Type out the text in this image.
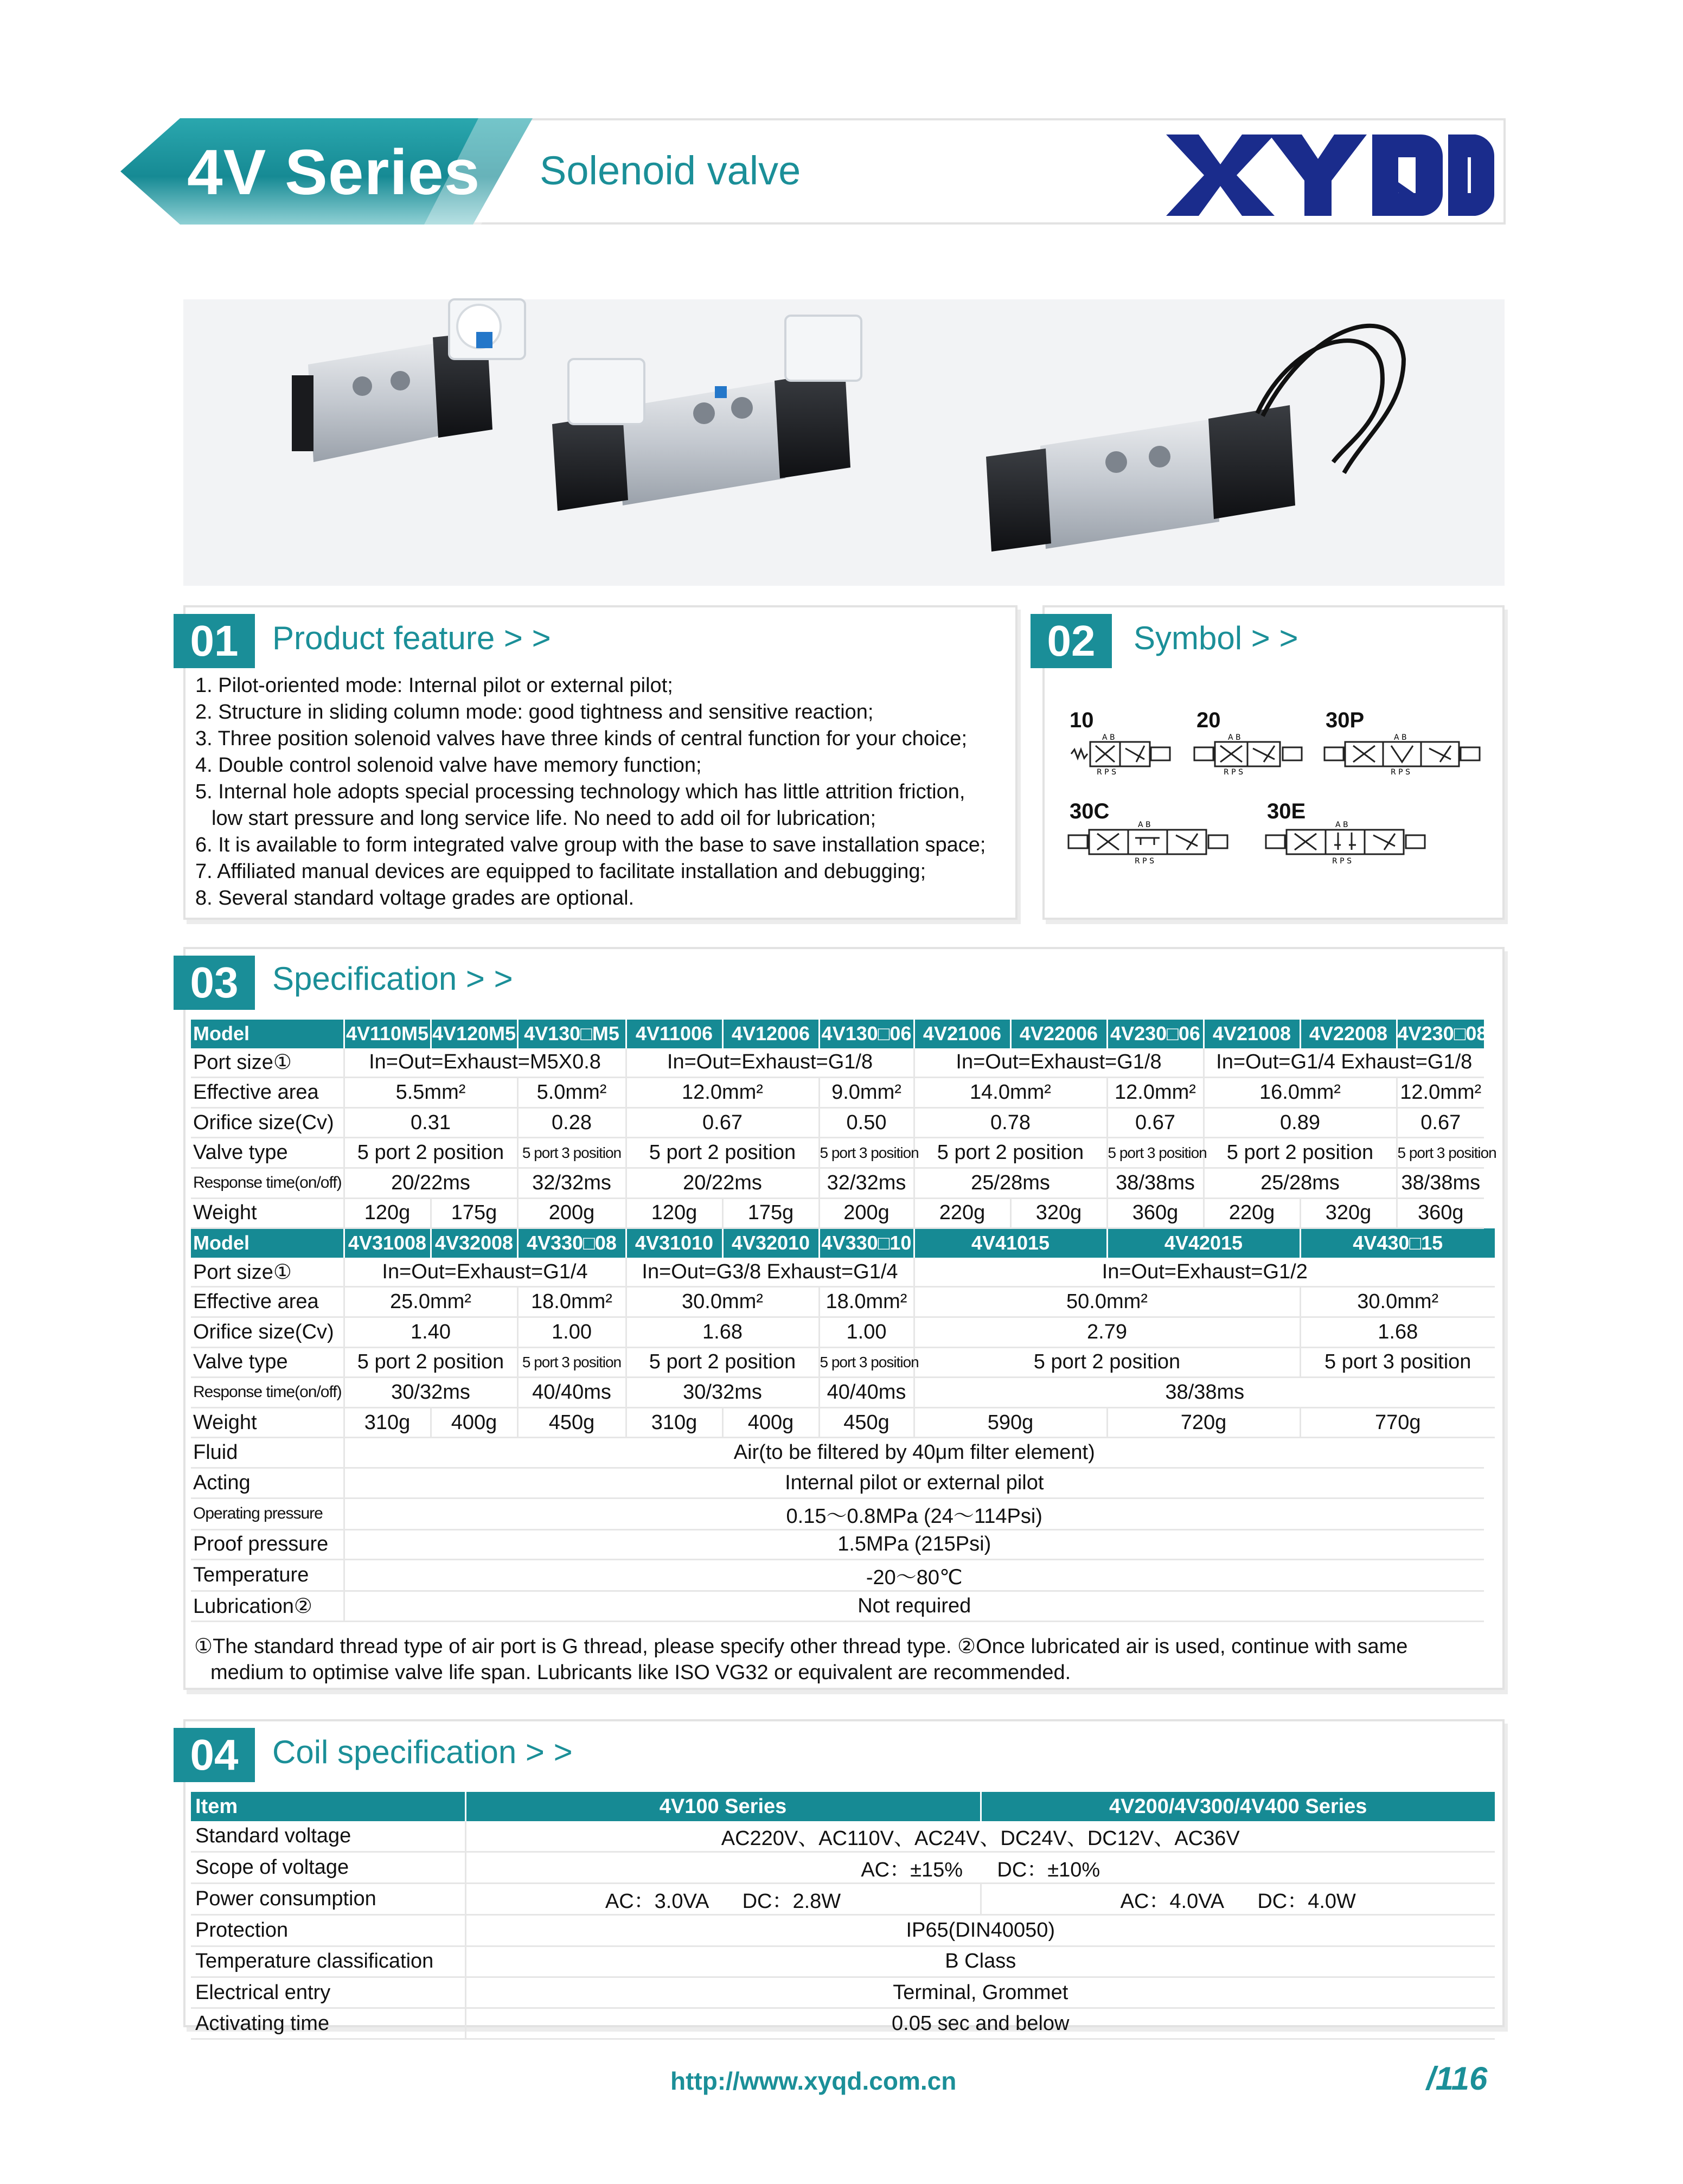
4V Series Solenoid valve
01	Product feature > >
1. Pilot-oriented mode: Internal pilot or external pilot;
2. Structure in sliding column mode: good tightness and sensitive reaction;
3. Three position solenoid valves have three kinds of central function for your choice;
4. Double control solenoid valve have memory function;
5. Internal hole adopts special processing technology which has little attrition friction,
low start pressure and long service life. No need to add oil for lubrication;
6. It is available to form integrated valve group with the base to save installation space;
7. Affiliated manual devices are equipped to facilitate installation and debugging;
8. Several standard voltage grades are optional.
02	Symbol > >
10	20	30P
30C	30E
A B
R P S
A B
R P S
A B
R P S
A B
R P S
A B
R P S
03	Specification > >
Model	4V110M5	4V120M5	4V130□M5	4V11006	4V12006	4V130□06	4V21006	4V22006	4V230□06	4V21008	4V22008	4V230□08
Port size①	In=Out=Exhaust=M5X0.8			In=Out=Exhaust=G1/8			In=Out=Exhaust=G1/8			In=Out=G1/4 Exhaust=G1/8		
Effective area	5.5mm²		5.0mm²	12.0mm²		9.0mm²	14.0mm²		12.0mm²	16.0mm²		12.0mm²
Orifice size(Cv)	0.31		0.28	0.67		0.50	0.78		0.67	0.89		0.67
Valve type	5 port 2 position		5 port 3 position	5 port 2 position		5 port 3 position	5 port 2 position		5 port 3 position	5 port 2 position		5 port 3 position
Response time(on/off)	20/22ms		32/32ms	20/22ms		32/32ms	25/28ms		38/38ms	25/28ms		38/38ms
Weight	120g	175g	200g	120g	175g	200g	220g	320g	360g	220g	320g	360g
Model	4V31008	4V32008	4V330□08	4V31010	4V32010	4V330□10	4V41015		4V42015		4V430□15	
Port size①	In=Out=Exhaust=G1/4			In=Out=G3/8 Exhaust=G1/4			In=Out=Exhaust=G1/2					
Effective area	25.0mm²		18.0mm²	30.0mm²		18.0mm²	50.0mm²				30.0mm²	
Orifice size(Cv)	1.40		1.00	1.68		1.00	2.79				1.68	
Valve type	5 port 2 position		5 port 3 position	5 port 2 position		5 port 3 position	5 port 2 position				5 port 3 position	
Response time(on/off)	30/32ms		40/40ms	30/32ms		40/40ms	38/38ms					
Weight	310g	400g	450g	310g	400g	450g	590g		720g		770g	
Fluid	Air(to be filtered by 40μm filter element)											
Acting	Internal pilot or external pilot											
Operating pressure	0.15～0.8MPa (24～114Psi)											
Proof pressure	1.5MPa (215Psi)											
Temperature	-20～80℃											
Lubrication②	Not required											
①The standard thread type of air port is G thread, please specify other thread type. ②Once lubricated air is used, continue with same
medium to optimise valve life span. Lubricants like ISO VG32 or equivalent are recommended.
04	Coil specification > >
Item	4V100 Series	4V200/4V300/4V400 Series
Standard voltage	AC220V、AC110V、AC24V、DC24V、DC12V、AC36V	
Scope of voltage	AC：±15%      DC：±10%	
Power consumption	AC：3.0VA      DC：2.8W	AC：4.0VA      DC：4.0W
Protection	IP65(DIN40050)	
Temperature classification	B Class	
Electrical entry	Terminal, Grommet	
Activating time	0.05 sec and below	
http://www.xyqd.com.cn	/116
